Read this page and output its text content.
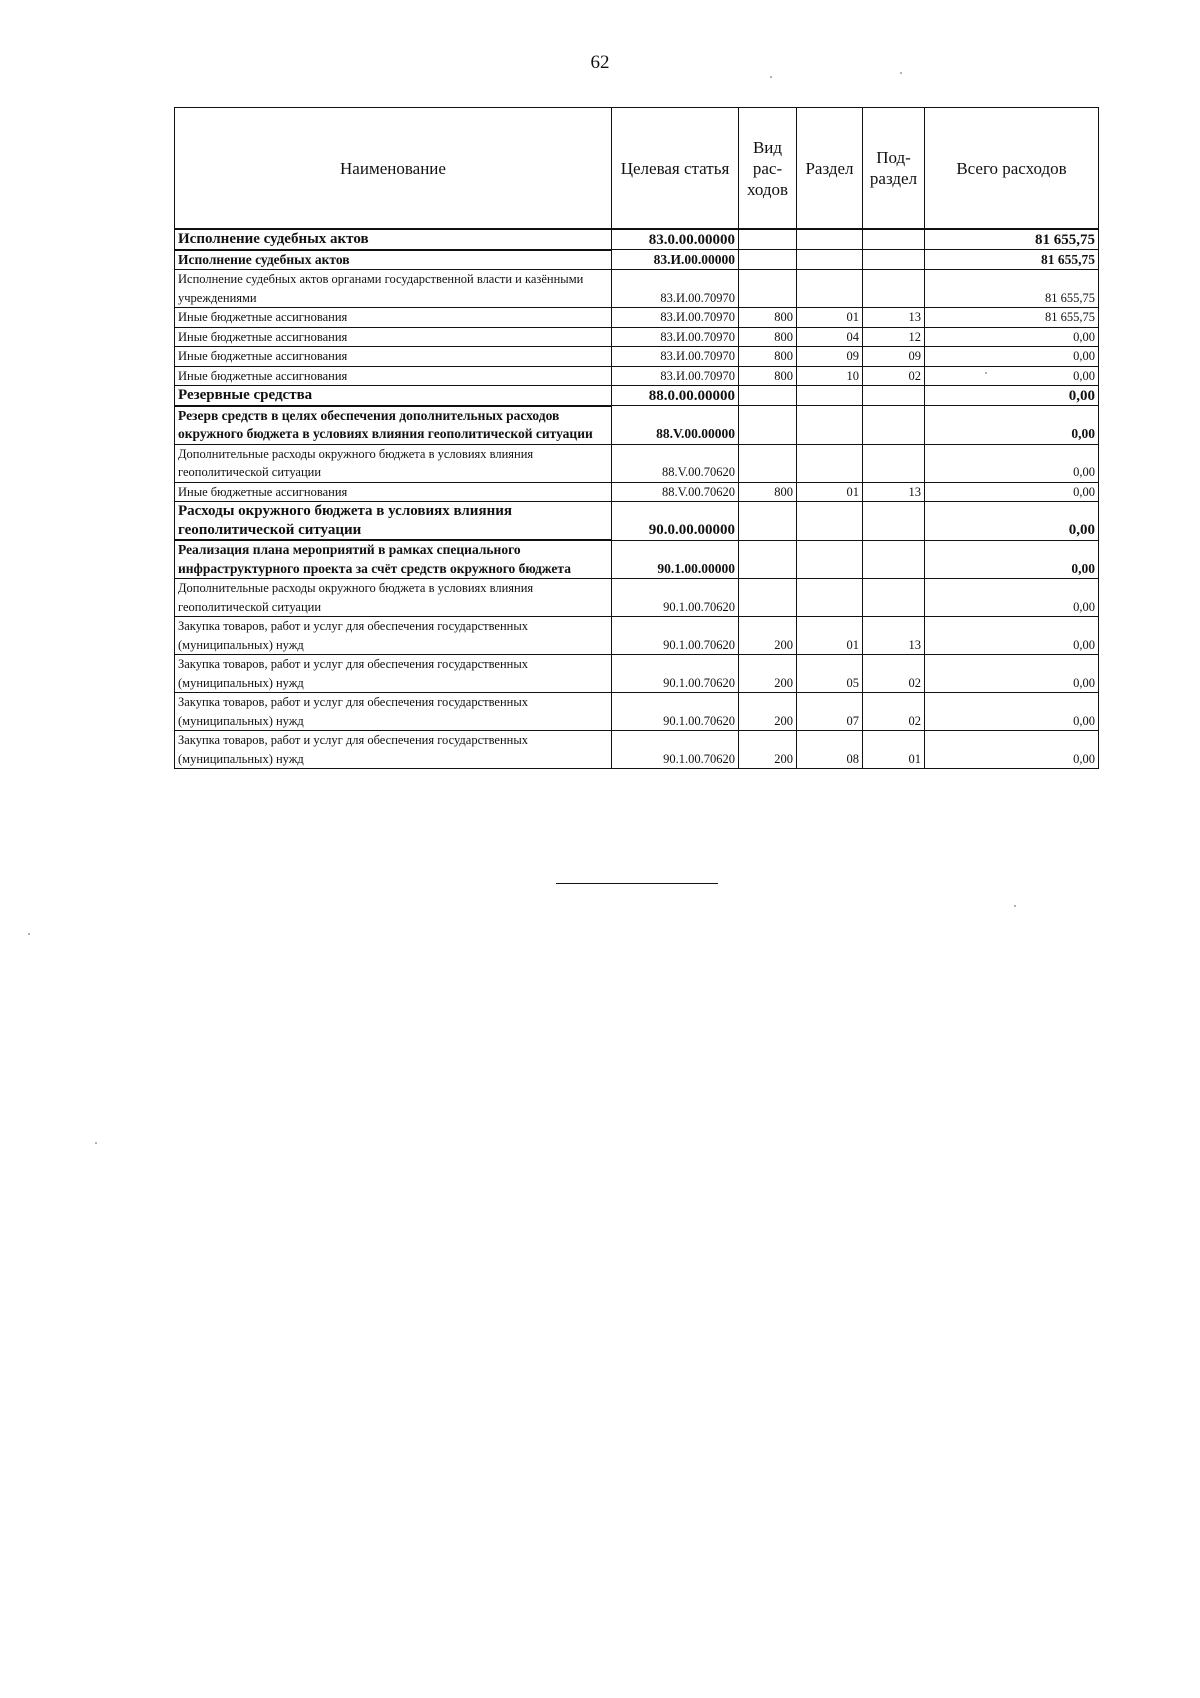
62
Наименование	Целевая статья	Вид рас- ходов	Раздел	Под- раздел	Всего расходов
Исполнение судебных актов	83.0.00.00000				81 655,75
Исполнение судебных актов	83.И.00.00000				81 655,75
Исполнение судебных актов органами государственной власти и казёнными учреждениями	83.И.00.70970				81 655,75
Иные бюджетные ассигнования	83.И.00.70970	800	01	13	81 655,75
Иные бюджетные ассигнования	83.И.00.70970	800	04	12	0,00
Иные бюджетные ассигнования	83.И.00.70970	800	09	09	0,00
Иные бюджетные ассигнования	83.И.00.70970	800	10	02	0,00
Резервные средства	88.0.00.00000				0,00
Резерв средств в целях обеспечения дополнительных расходов окружного бюджета в условиях влияния геополитической ситуации	88.V.00.00000				0,00
Дополнительные расходы окружного бюджета в условиях влияния геополитической ситуации	88.V.00.70620				0,00
Иные бюджетные ассигнования	88.V.00.70620	800	01	13	0,00
Расходы окружного бюджета в условиях влияния геополитической ситуации	90.0.00.00000				0,00
Реализация плана мероприятий в рамках специального инфраструктурного проекта за счёт средств окружного бюджета	90.1.00.00000				0,00
Дополнительные расходы окружного бюджета в условиях влияния геополитической ситуации	90.1.00.70620				0,00
Закупка товаров, работ и услуг для обеспечения государственных (муниципальных) нужд	90.1.00.70620	200	01	13	0,00
Закупка товаров, работ и услуг для обеспечения государственных (муниципальных) нужд	90.1.00.70620	200	05	02	0,00
Закупка товаров, работ и услуг для обеспечения государственных (муниципальных) нужд	90.1.00.70620	200	07	02	0,00
Закупка товаров, работ и услуг для обеспечения государственных (муниципальных) нужд	90.1.00.70620	200	08	01	0,00
